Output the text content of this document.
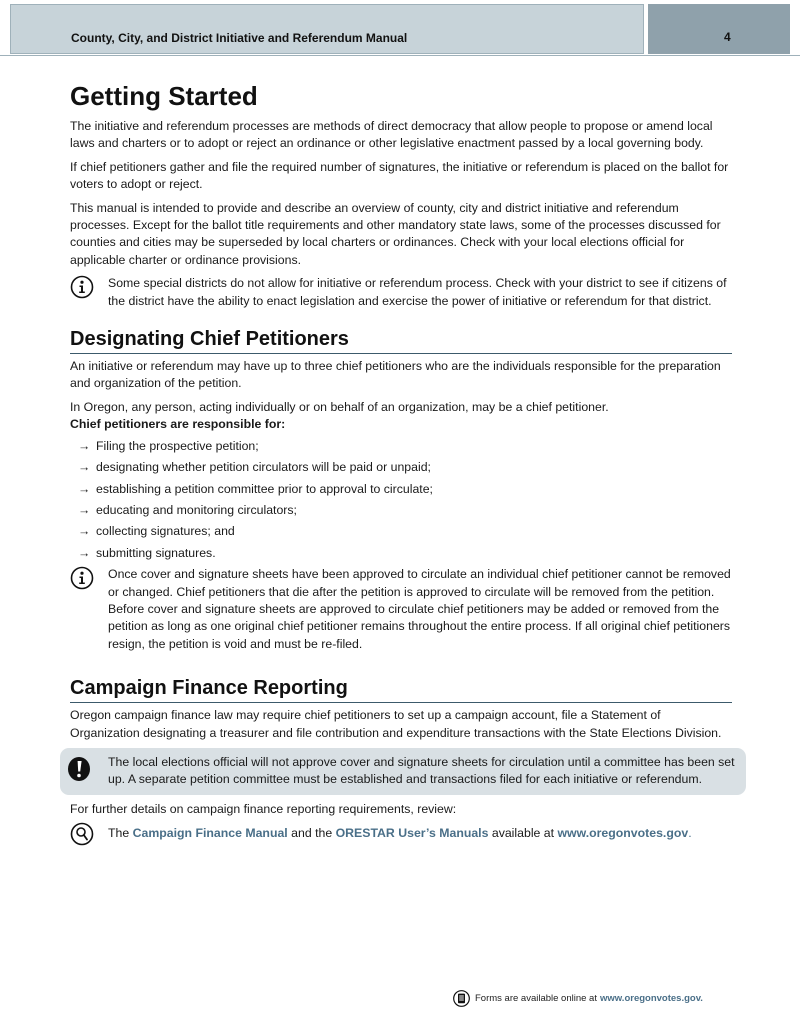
County, City, and District Initiative and Referendum Manual	4
Getting Started

The initiative and referendum processes are methods of direct democracy that allow people to propose or amend local laws and charters or to adopt or reject an ordinance or other legislative enactment passed by a local governing body.

If chief petitioners gather and file the required number of signatures, the initiative or referendum is placed on the ballot for voters to adopt or reject.

This manual is intended to provide and describe an overview of county, city and district initiative and referendum processes. Except for the ballot title requirements and other mandatory state laws, some of the processes discussed for counties and cities may be superseded by local charters or ordinances. Check with your local elections official for applicable charter or ordinance provisions.

Some special districts do not allow for initiative or referendum process. Check with your district to see if citizens of the district have the ability to enact legislation and exercise the power of initiative or referendum for that district.
Designating Chief Petitioners

An initiative or referendum may have up to three chief petitioners who are the individuals responsible for the preparation and organization of the petition.

In Oregon, any person, acting individually or on behalf of an organization, may be a chief petitioner.

Chief petitioners are responsible for:

→ Filing the prospective petition;
→ designating whether petition circulators will be paid or unpaid;
→ establishing a petition committee prior to approval to circulate;
→ educating and monitoring circulators;
→ collecting signatures; and
→ submitting signatures.
Once cover and signature sheets have been approved to circulate an individual chief petitioner cannot be removed or changed. Chief petitioners that die after the petition is approved to circulate will be removed from the petition. Before cover and signature sheets are approved to circulate chief petitioners may be added or removed from the petition as long as one original chief petitioner remains throughout the entire process. If all original chief petitioners resign, the petition is void and must be re-filed.
Campaign Finance Reporting

Oregon campaign finance law may require chief petitioners to set up a campaign account, file a Statement of Organization designating a treasurer and file contribution and expenditure transactions with the State Elections Division.

The local elections official will not approve cover and signature sheets for circulation until a committee has been set up. A separate petition committee must be established and transactions filed for each initiative or referendum.

For further details on campaign finance reporting requirements, review:

The Campaign Finance Manual and the ORESTAR User’s Manuals available at www.oregonvotes.gov.
Forms are available online at www.oregonvotes.gov.
